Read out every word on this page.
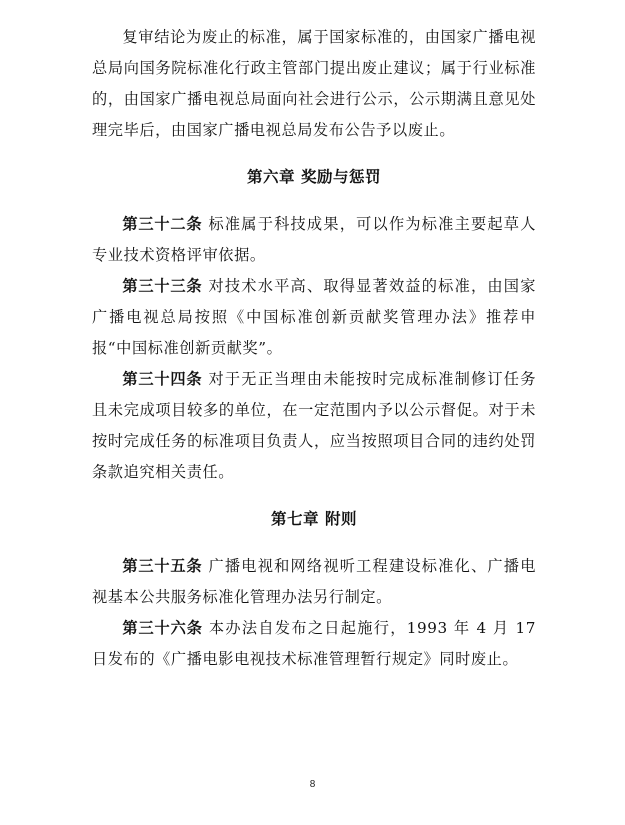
复审结论为废止的标准，属于国家标准的，由国家广播电视总局向国务院标准化行政主管部门提出废止建议；属于行业标准的，由国家广播电视总局面向社会进行公示，公示期满且意见处理完毕后，由国家广播电视总局发布公告予以废止。

第六章 奖励与惩罚

第三十二条 标准属于科技成果，可以作为标准主要起草人专业技术资格评审依据。

第三十三条 对技术水平高、取得显著效益的标准，由国家广播电视总局按照《中国标准创新贡献奖管理办法》推荐申报“中国标准创新贡献奖”。

第三十四条 对于无正当理由未能按时完成标准制修订任务且未完成项目较多的单位，在一定范围内予以公示督促。对于未按时完成任务的标准项目负责人，应当按照项目合同的违约处罚条款追究相关责任。

第七章 附则

第三十五条 广播电视和网络视听工程建设标准化、广播电视基本公共服务标准化管理办法另行制定。

第三十六条 本办法自发布之日起施行，1993 年 4 月 17 日发布的《广播电影电视技术标准管理暂行规定》同时废止。

8
